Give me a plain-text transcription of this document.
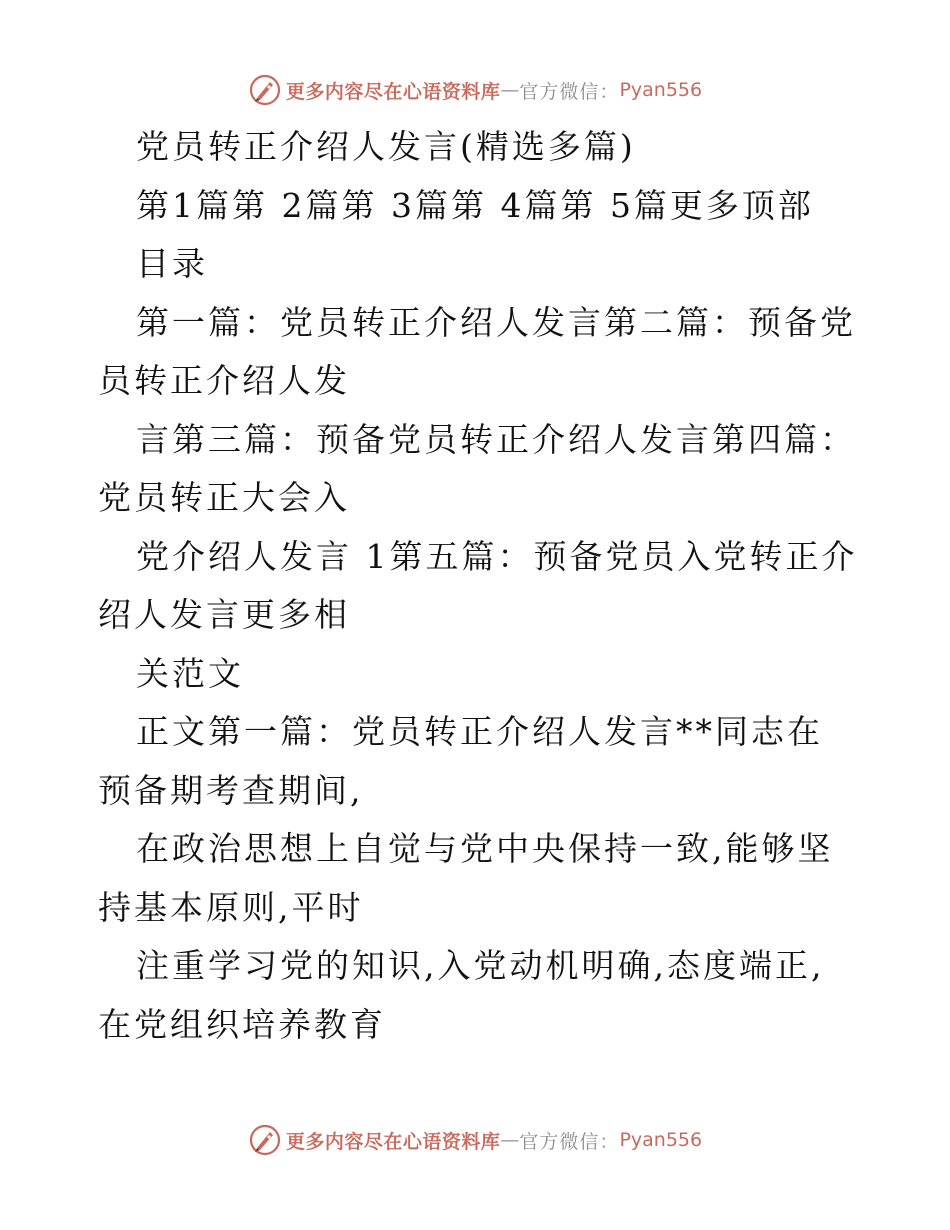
更多内容尽在心语资料库 — 官方微信： Pyan556

党员转正介绍人发言(精选多篇)

第1篇第 2篇第 3篇第 4篇第 5篇更多顶部

目录

第一篇：党员转正介绍人发言第二篇：预备党员转正介绍人发

言第三篇：预备党员转正介绍人发言第四篇：党员转正大会入

党介绍人发言 1第五篇：预备党员入党转正介绍人发言更多相

关范文

正文第一篇：党员转正介绍人发言**同志在预备期考查期间,

在政治思想上自觉与党中央保持一致,能够坚持基本原则,平时

注重学习党的知识,入党动机明确,态度端正,在党组织培养教育

更多内容尽在心语资料库 — 官方微信： Pyan556
